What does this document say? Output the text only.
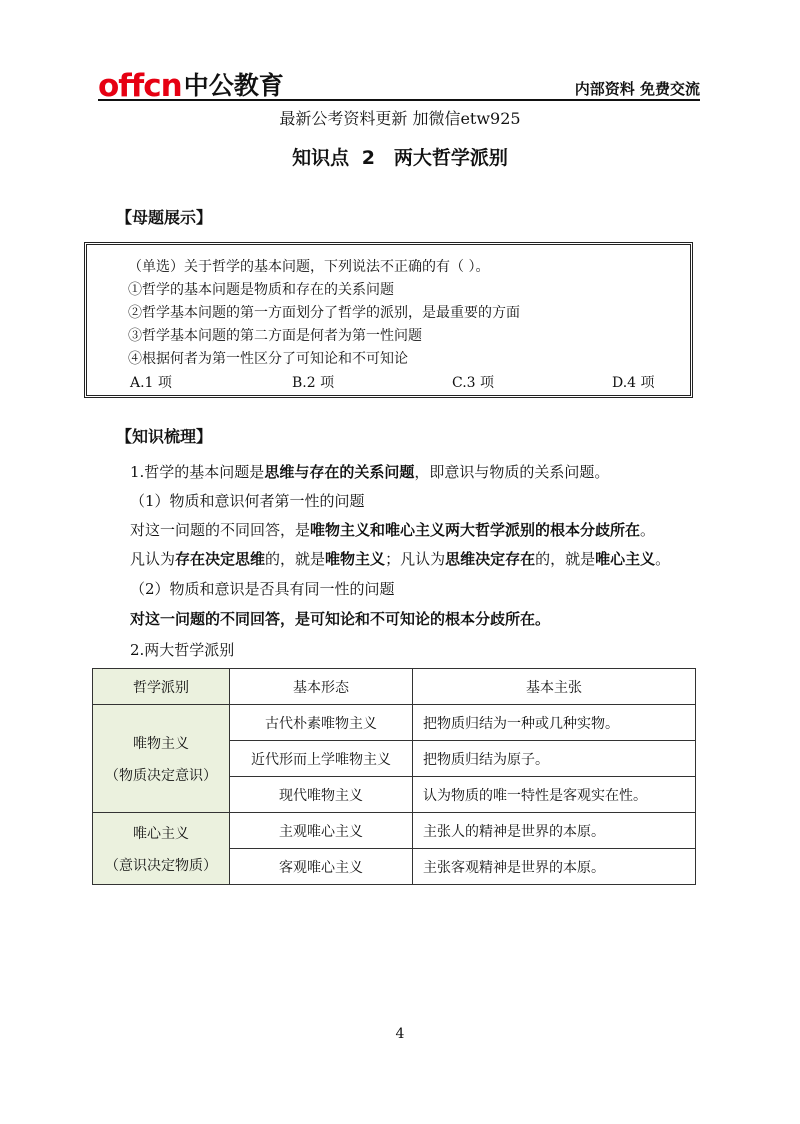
offcn 中公教育	内部资料 免费交流
最新公考资料更新 加微信etw925
知识点 2　两大哲学派别
【母题展示】
（单选）关于哲学的基本问题，下列说法不正确的有（ ）。
①哲学的基本问题是物质和存在的关系问题
②哲学基本问题的第一方面划分了哲学的派别，是最重要的方面
③哲学基本问题的第二方面是何者为第一性问题
④根据何者为第一性区分了可知论和不可知论
A.1 项	B.2 项	C.3 项	D.4 项
【知识梳理】
1.哲学的基本问题是思维与存在的关系问题，即意识与物质的关系问题。
（1）物质和意识何者第一性的问题
对这一问题的不同回答，是唯物主义和唯心主义两大哲学派别的根本分歧所在。
凡认为存在决定思维的，就是唯物主义；凡认为思维决定存在的，就是唯心主义。
（2）物质和意识是否具有同一性的问题
对这一问题的不同回答，是可知论和不可知论的根本分歧所在。
2.两大哲学派别
哲学派别	基本形态	基本主张
唯物主义
（物质决定意识）	古代朴素唯物主义	把物质归结为一种或几种实物。
	近代形而上学唯物主义	把物质归结为原子。
	现代唯物主义	认为物质的唯一特性是客观实在性。
唯心主义
（意识决定物质）	主观唯心主义	主张人的精神是世界的本原。
	客观唯心主义	主张客观精神是世界的本原。
4
